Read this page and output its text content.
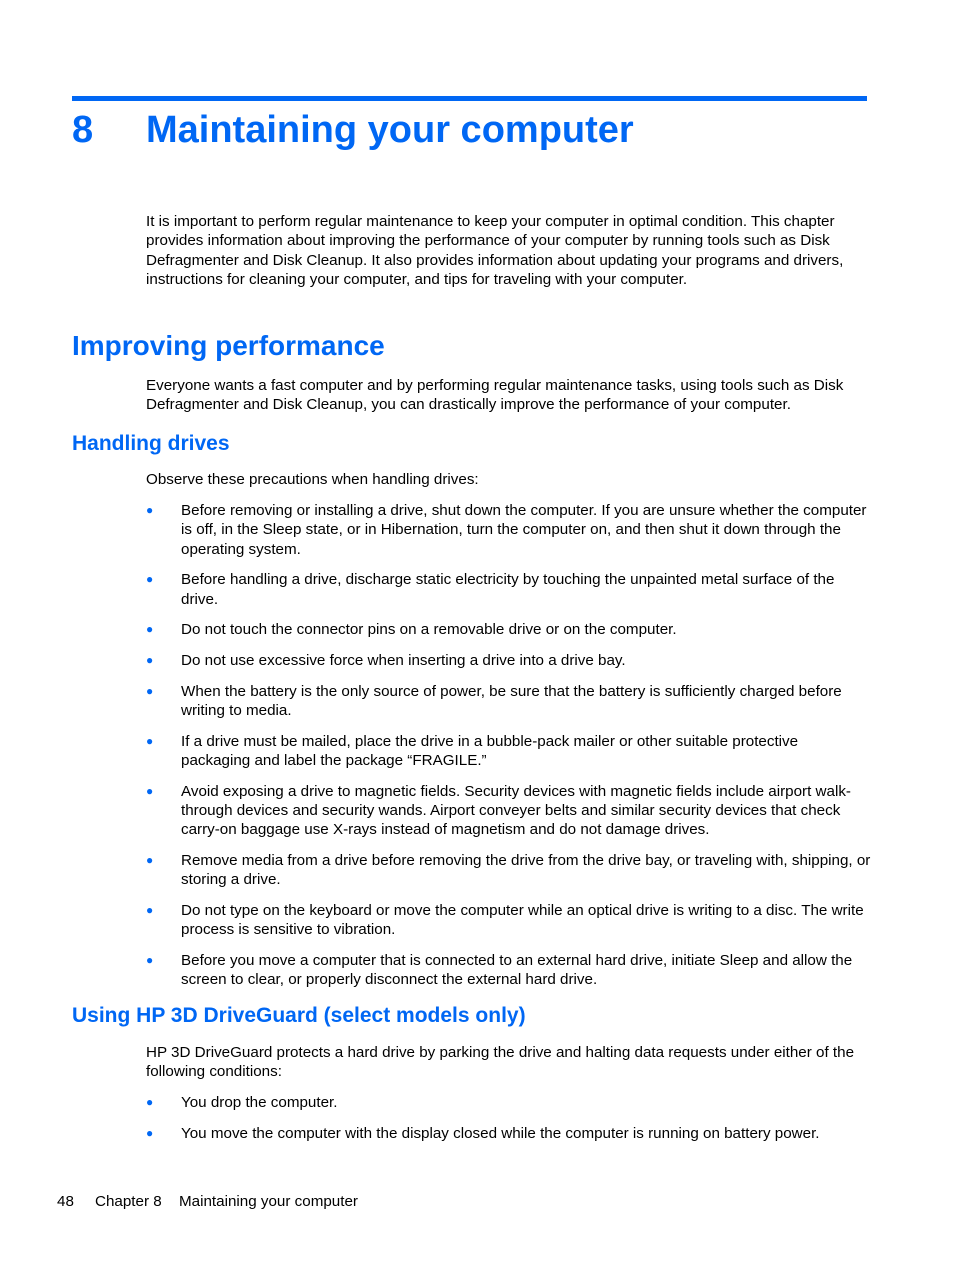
8 Maintaining your computer

It is important to perform regular maintenance to keep your computer in optimal condition. This chapter provides information about improving the performance of your computer by running tools such as Disk Defragmenter and Disk Cleanup. It also provides information about updating your programs and drivers, instructions for cleaning your computer, and tips for traveling with your computer.

Improving performance

Everyone wants a fast computer and by performing regular maintenance tasks, using tools such as Disk Defragmenter and Disk Cleanup, you can drastically improve the performance of your computer.

Handling drives

Observe these precautions when handling drives:

● Before removing or installing a drive, shut down the computer. If you are unsure whether the computer is off, in the Sleep state, or in Hibernation, turn the computer on, and then shut it down through the operating system.
● Before handling a drive, discharge static electricity by touching the unpainted metal surface of the drive.
● Do not touch the connector pins on a removable drive or on the computer.
● Do not use excessive force when inserting a drive into a drive bay.
● When the battery is the only source of power, be sure that the battery is sufficiently charged before writing to media.
● If a drive must be mailed, place the drive in a bubble-pack mailer or other suitable protective packaging and label the package “FRAGILE.”
● Avoid exposing a drive to magnetic fields. Security devices with magnetic fields include airport walk-through devices and security wands. Airport conveyer belts and similar security devices that check carry-on baggage use X-rays instead of magnetism and do not damage drives.
● Remove media from a drive before removing the drive from the drive bay, or traveling with, shipping, or storing a drive.
● Do not type on the keyboard or move the computer while an optical drive is writing to a disc. The write process is sensitive to vibration.
● Before you move a computer that is connected to an external hard drive, initiate Sleep and allow the screen to clear, or properly disconnect the external hard drive.
Using HP 3D DriveGuard (select models only)

HP 3D DriveGuard protects a hard drive by parking the drive and halting data requests under either of the following conditions:

● You drop the computer.
● You move the computer with the display closed while the computer is running on battery power.
48 Chapter 8 Maintaining your computer
